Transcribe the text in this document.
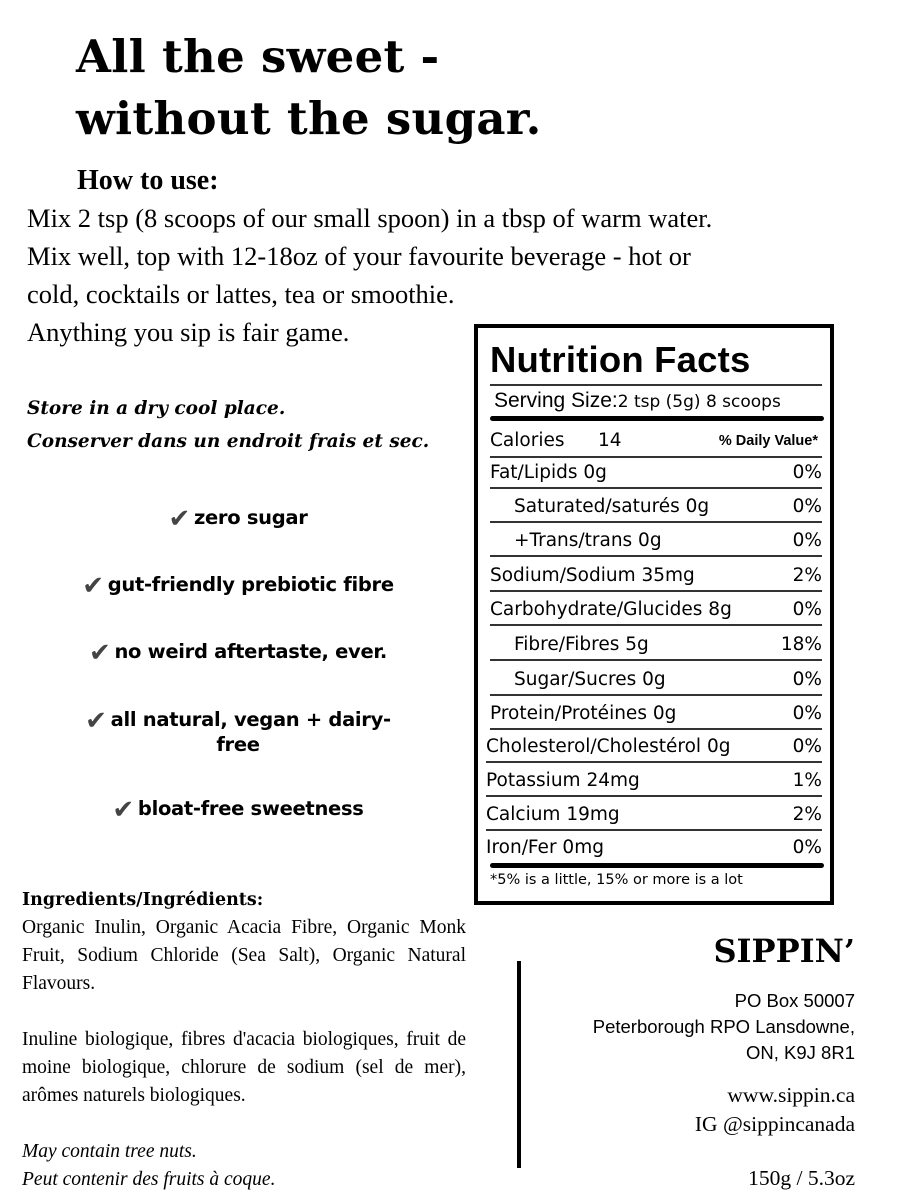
All the sweet -
without the sugar.
How to use:
Mix 2 tsp (8 scoops of our small spoon) in a tbsp of warm water.
Mix well, top with 12-18oz of your favourite beverage - hot or
cold, cocktails or lattes, tea or smoothie.
Anything you sip is fair game.
Store in a dry cool place.
Conserver dans un endroit frais et sec.
✔ zero sugar
✔ gut-friendly prebiotic fibre
✔ no weird aftertaste, ever.
✔ all natural, vegan + dairy-
free
✔ bloat-free sweetness
Nutrition Facts
Serving Size:2 tsp (5g) 8 scoops
Calories 14	% Daily Value*
Fat/Lipids 0g	0%
Saturated/saturés 0g	0%
+Trans/trans 0g	0%
Sodium/Sodium 35mg	2%
Carbohydrate/Glucides 8g	0%
Fibre/Fibres 5g	18%
Sugar/Sucres 0g	0%
Protein/Protéines 0g	0%
Cholesterol/Cholestérol 0g	0%
Potassium 24mg	1%
Calcium 19mg	2%
Iron/Fer 0mg	0%
*5% is a little, 15% or more is a lot
Ingredients/Ingrédients:
Organic Inulin, Organic Acacia Fibre, Organic Monk Fruit, Sodium Chloride (Sea Salt), Organic Natural Flavours.
Inuline biologique, fibres d'acacia biologiques, fruit de moine biologique, chlorure de sodium (sel de mer), arômes naturels biologiques.
May contain tree nuts.
Peut contenir des fruits à coque.
SIPPIN’
PO Box 50007
Peterborough RPO Lansdowne,
ON, K9J 8R1
www.sippin.ca
IG @sippincanada
150g / 5.3oz
